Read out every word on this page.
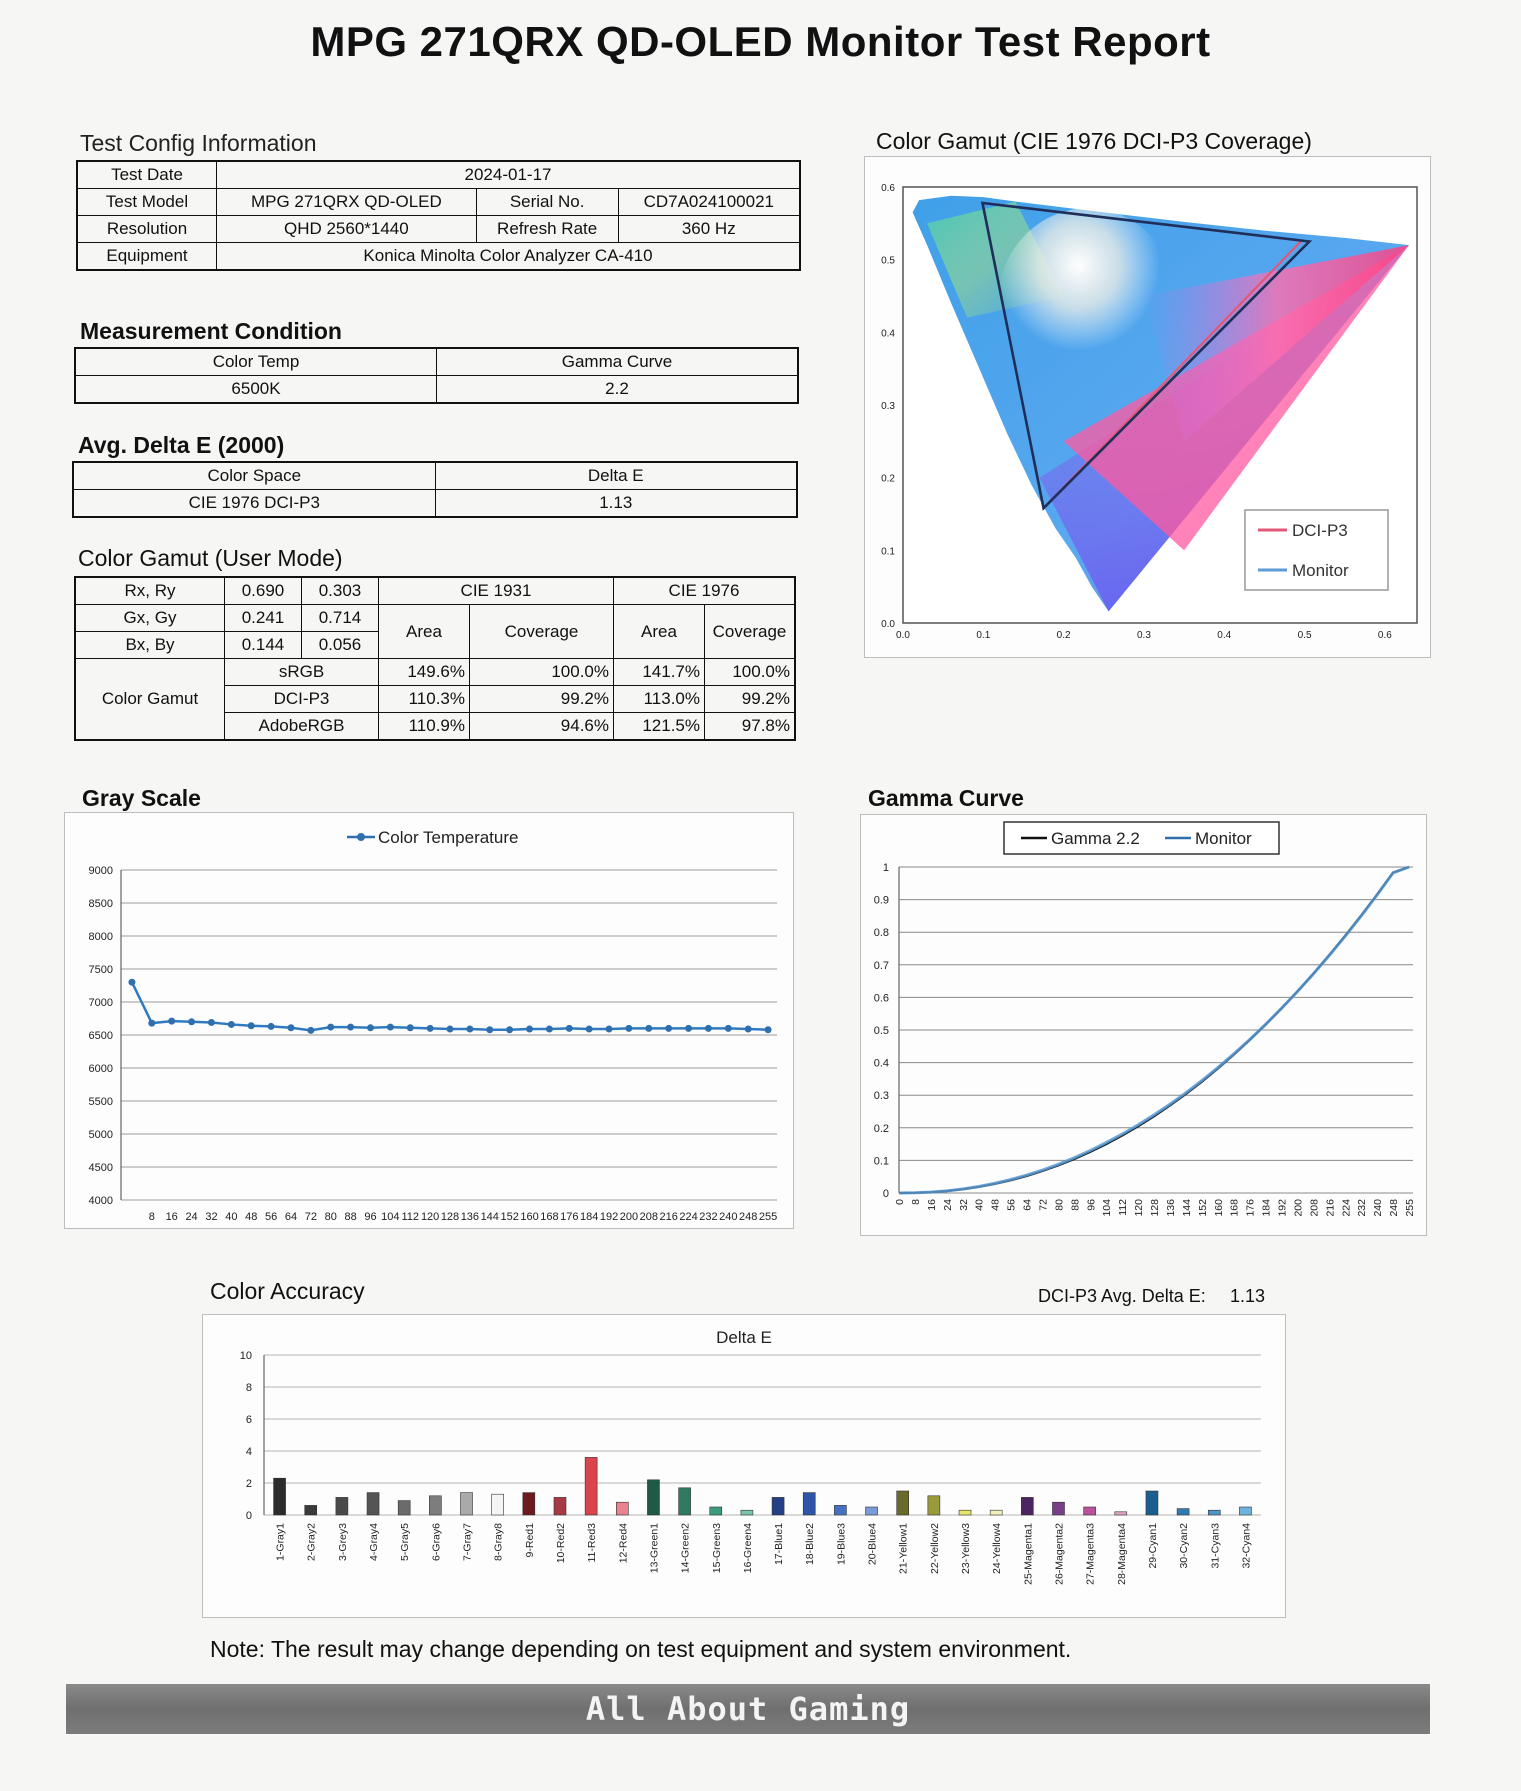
MPG 271QRX QD-OLED Monitor Test Report
Test Config Information
Test Date	2024-01-17		
Test Model	MPG 271QRX QD-OLED	Serial No.	CD7A024100021
Resolution	QHD 2560*1440	Refresh Rate	360 Hz
Equipment	Konica Minolta Color Analyzer CA-410		
Measurement Condition
Color Temp	Gamma Curve
6500K	2.2
Avg. Delta E (2000)
Color Space	Delta E
CIE 1976 DCI-P3	1.13
Color Gamut (User Mode)
Rx, Ry	0.690	0.303	CIE 1931		CIE 1976	
Gx, Gy	0.241	0.714	Area	Coverage	Area	Coverage
Bx, By	0.144	0.056				
Color Gamut	sRGB		149.6%	100.0%	141.7%	100.0%
	DCI-P3		110.3%	99.2%	113.0%	99.2%
	AdobeRGB		110.9%	94.6%	121.5%	97.8%
Color Gamut (CIE 1976 DCI-P3 Coverage)
0.0
0.1
0.2
0.3
0.4
0.5
0.6
0.0	0.1	0.2	0.3	0.4	0.5	0.6
DCI-P3
Monitor
Gray Scale
Color Temperature
9000
8500
8000
7500
7000
6500
6000
5500
5000
4500
4000
8 16 24 32 40 48 56 64 72 80 88 96 104 112 120 128 136 144 152 160 168 176 184 192 200 208 216 224 232 240 248 255
Gamma Curve
Gamma 2.2	Monitor
1
0.9
0.8
0.7
0.6
0.5
0.4
0.3
0.2
0.1
0
0 8 16 24 32 40 48 56 64 72 80 88 96 104 112 120 128 136 144 152 160 168 176 184 192 200 208 216 224 232 240 248 255
Color Accuracy	DCI-P3 Avg. Delta E: 1.13
Delta E
10
8
6
4
2
0
1-Gray1 2-Gray2 3-Grey3 4-Gray4 5-Gray5 6-Gray6 7-Gray7 8-Gray8 9-Red1 10-Red2 11-Red3 12-Red4 13-Green1 14-Green2 15-Green3 16-Green4 17-Blue1 18-Blue2 19-Blue3 20-Blue4 21-Yellow1 22-Yellow2 23-Yellow3 24-Yellow4 25-Magenta1 26-Magenta2 27-Magenta3 28-Magenta4 29-Cyan1 30-Cyan2 31-Cyan3 32-Cyan4
Note: The result may change depending on test equipment and system environment.
All About Gaming
